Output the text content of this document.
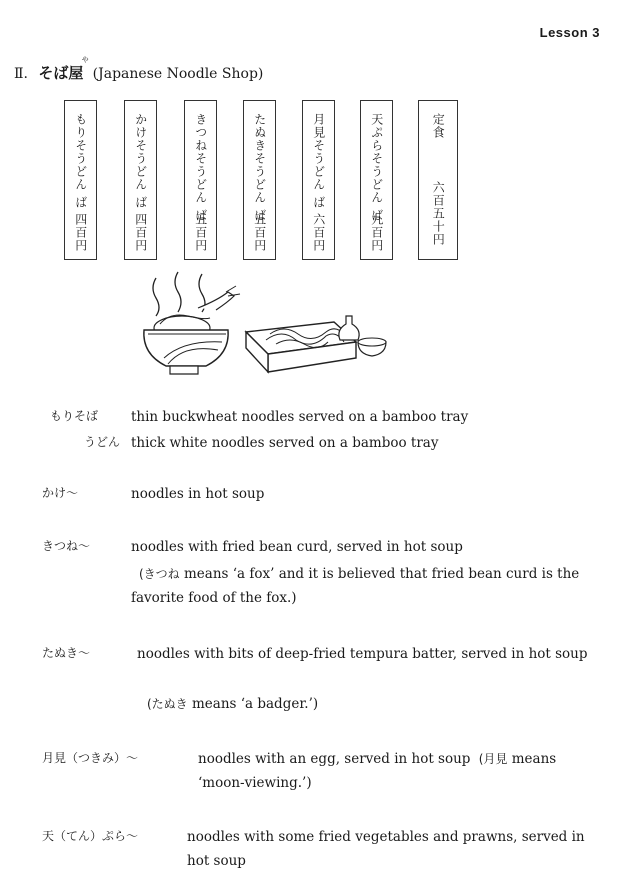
Lesson 3
Ⅱ. そば屋
や
(Japanese Noodle Shop)
もりそうどん ば
四百円
かけそうどん ば
四百円
きつねそうどん ば
五百円
たぬきそうどん ば
五百円
月見そうどん ば
六百円
天ぷらそうどん ば
九百円
定食
六百五十円
もりそば thin buckwheat noodles served on a bamboo tray
うどん thick white noodles served on a bamboo tray
かけ～	noodles in hot soup
きつね～	noodles with fried bean curd, served in hot soup
(きつね means ‘a fox’ and it is believed that fried bean curd is the favorite food of the fox.)
たぬき～	noodles with bits of deep-fried tempura batter, served in hot soup
(たぬき means ‘a badger.’)
月見（つきみ）～	noodles with an egg, served in hot soup (月見 means ‘moon-viewing.’)
天（てん）ぷら～	noodles with some fried vegetables and prawns, served in hot soup
